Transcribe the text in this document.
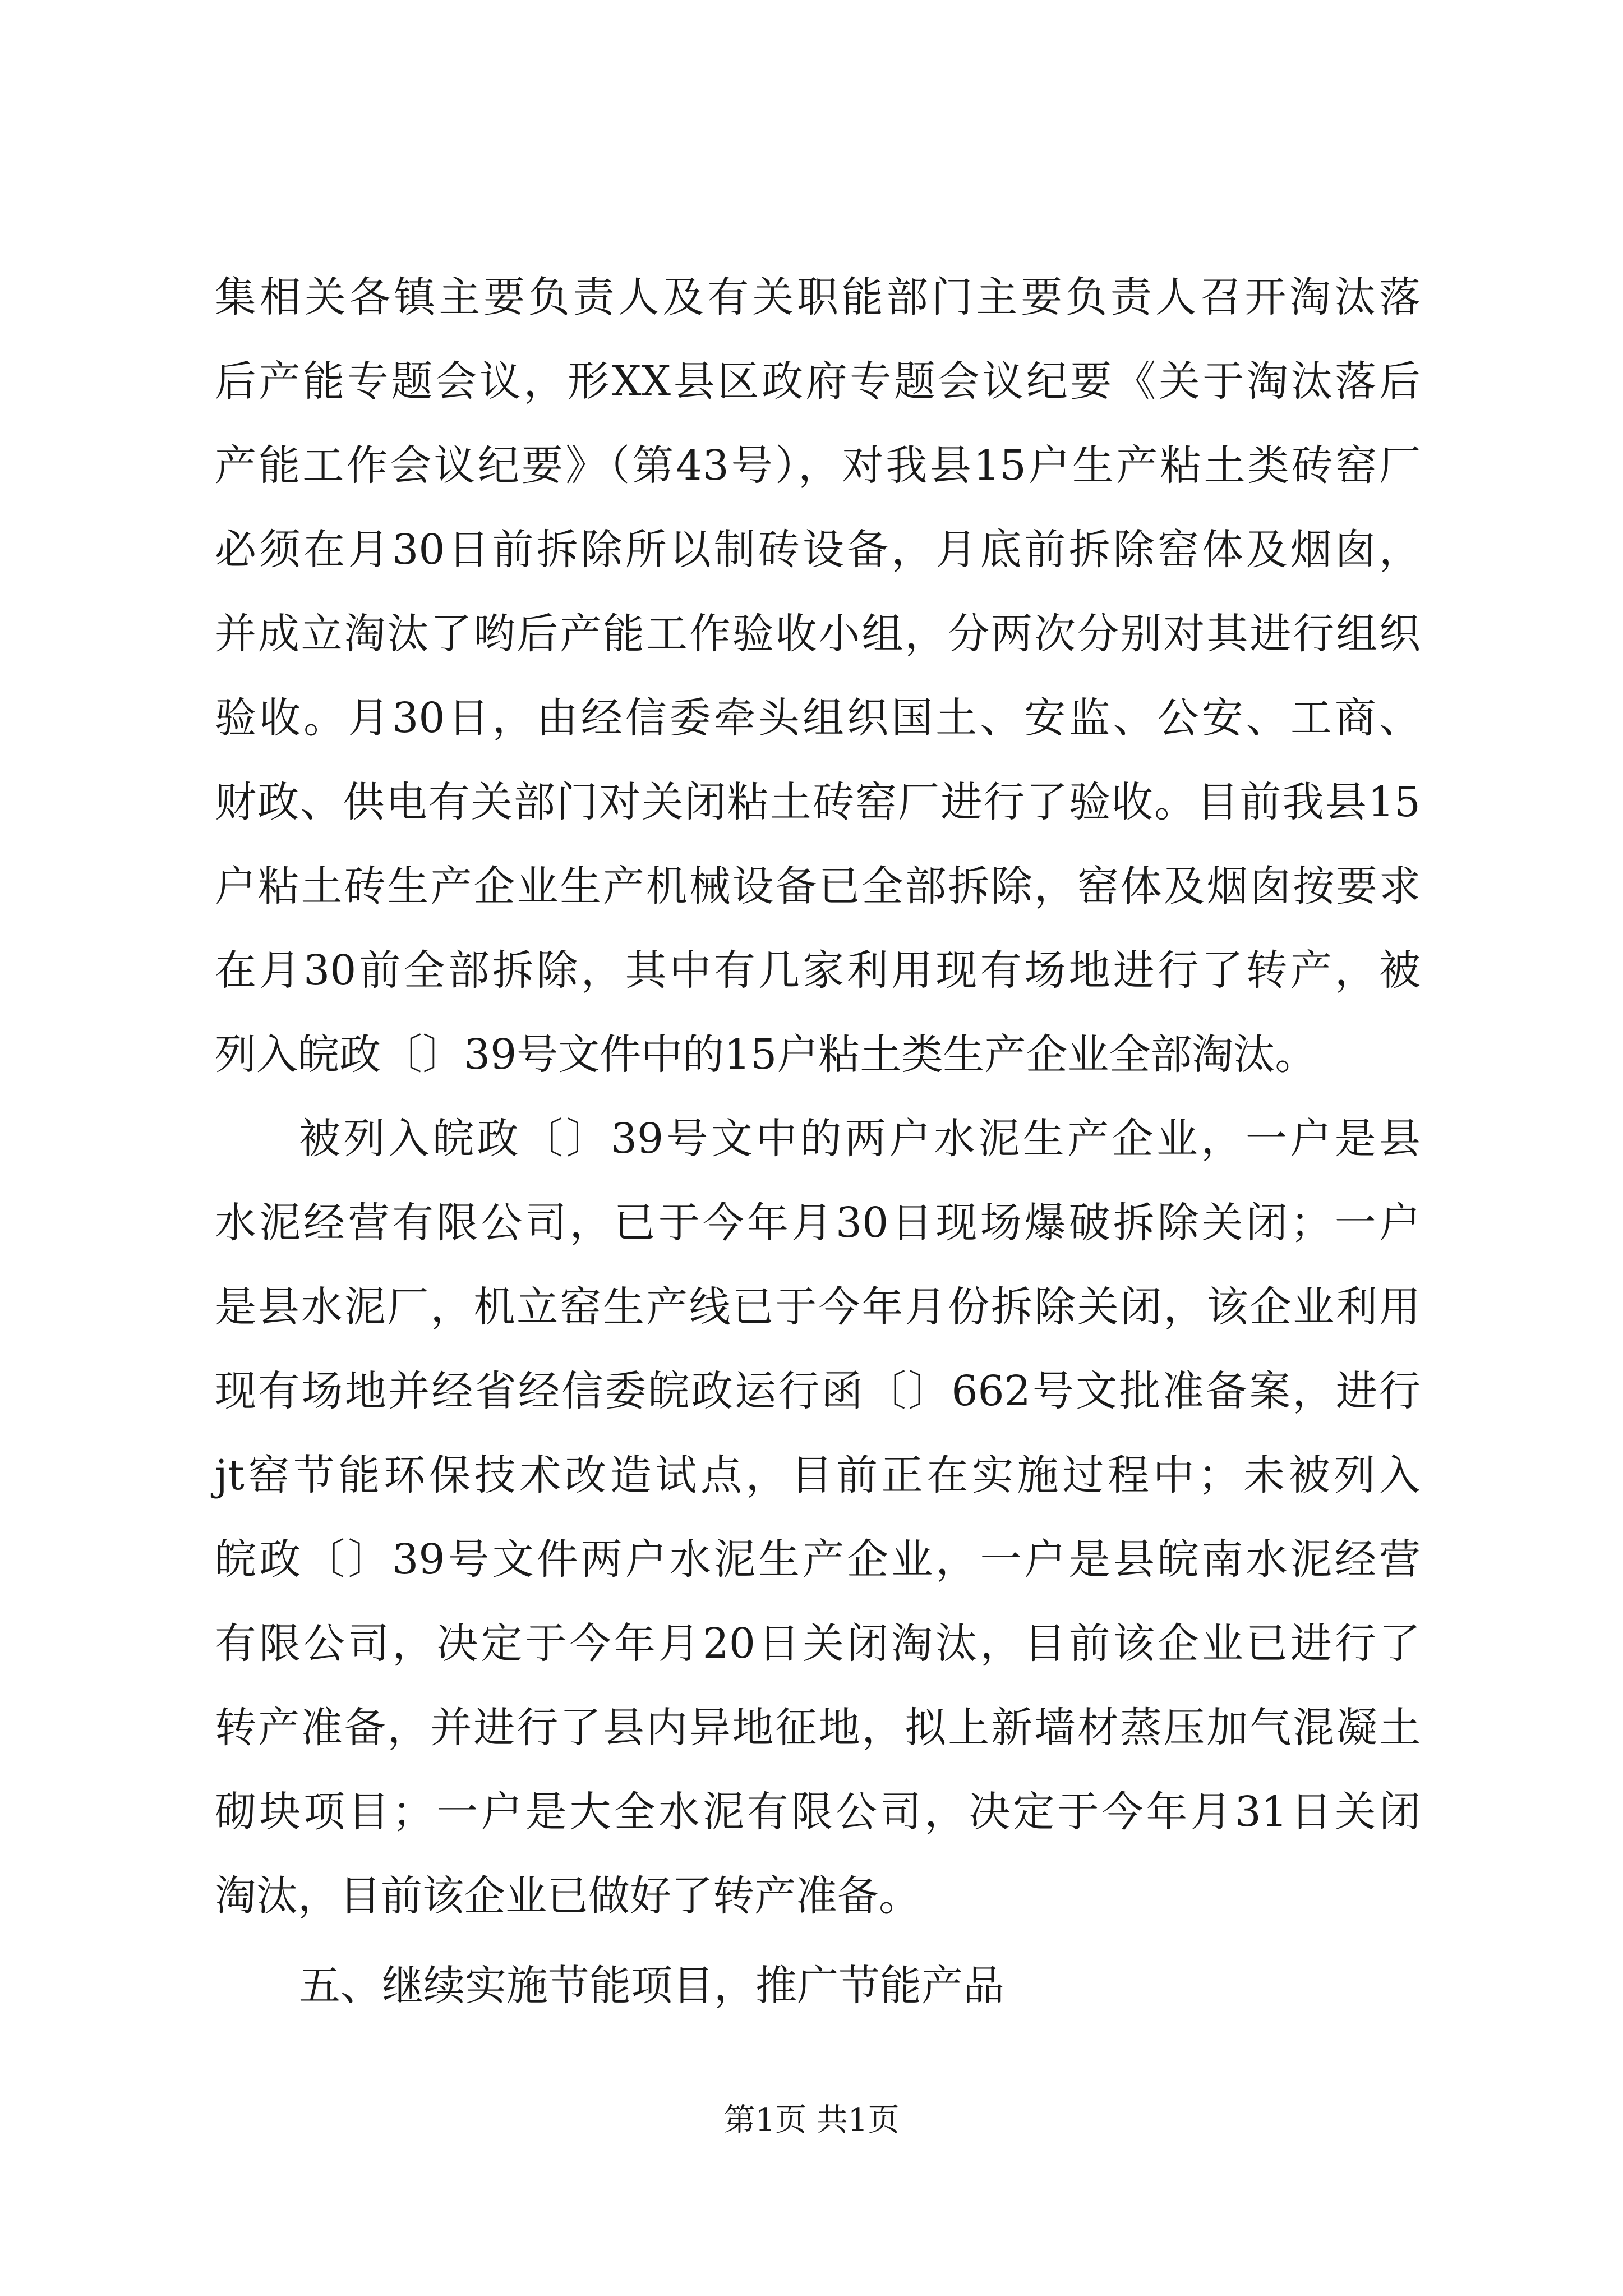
集相关各镇主要负责人及有关职能部门主要负责人召开淘汰落
后产能专题会议，形XX县区政府专题会议纪要《关于淘汰落后
产能工作会议纪要》（第43号），对我县15户生产粘土类砖窑厂
必须在月30日前拆除所以制砖设备，月底前拆除窑体及烟囱，
并成立淘汰了哟后产能工作验收小组，分两次分别对其进行组织
验收。月30日，由经信委牵头组织国土、安监、公安、工商、
财政、供电有关部门对关闭粘土砖窑厂进行了验收。目前我县15
户粘土砖生产企业生产机械设备已全部拆除，窑体及烟囱按要求
在月30前全部拆除，其中有几家利用现有场地进行了转产，被
列入皖政〔〕39号文件中的15户粘土类生产企业全部淘汰。
被列入皖政〔〕39号文中的两户水泥生产企业，一户是县
水泥经营有限公司，已于今年月30日现场爆破拆除关闭；一户
是县水泥厂，机立窑生产线已于今年月份拆除关闭，该企业利用
现有场地并经省经信委皖政运行函〔〕662号文批准备案，进行
jt窑节能环保技术改造试点，目前正在实施过程中；未被列入
皖政〔〕39号文件两户水泥生产企业，一户是县皖南水泥经营
有限公司，决定于今年月20日关闭淘汰，目前该企业已进行了
转产准备，并进行了县内异地征地，拟上新墙材蒸压加气混凝土
砌块项目；一户是大全水泥有限公司，决定于今年月31日关闭
淘汰，目前该企业已做好了转产准备。
五、继续实施节能项目，推广节能产品
第1页 共1页
